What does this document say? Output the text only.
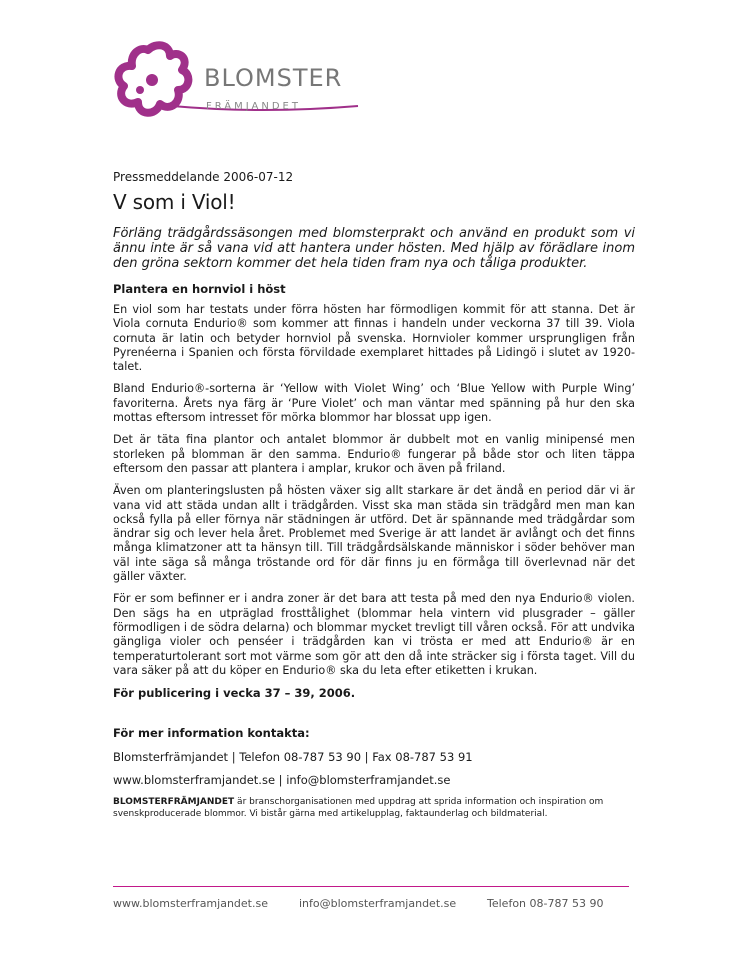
BLOMSTER
FRÄMJANDET
Pressmeddelande 2006-07-12
V som i Viol!

Förläng trädgårdssäsongen med blomsterprakt och använd en produkt som vi ännu inte är så vana vid att hantera under hösten. Med hjälp av förädlare inom den gröna sektorn kommer det hela tiden fram nya och tåliga produkter.

Plantera en hornviol i höst

En viol som har testats under förra hösten har förmodligen kommit för att stanna. Det är Viola cornuta Endurio® som kommer att finnas i handeln under veckorna 37 till 39. Viola cornuta är latin och betyder hornviol på svenska. Hornvioler kommer ursprungligen från Pyrenéerna i Spanien och första förvildade exemplaret hittades på Lidingö i slutet av 1920-talet.

Bland Endurio®-sorterna är ‘Yellow with Violet Wing’ och ‘Blue Yellow with Purple Wing’ favoriterna. Årets nya färg är ‘Pure Violet’ och man väntar med spänning på hur den ska mottas eftersom intresset för mörka blommor har blossat upp igen.

Det är täta fina plantor och antalet blommor är dubbelt mot en vanlig minipensé men storleken på blomman är den samma. Endurio® fungerar på både stor och liten täppa eftersom den passar att plantera i amplar, krukor och även på friland.

Även om planteringslusten på hösten växer sig allt starkare är det ändå en period där vi är vana vid att städa undan allt i trädgården. Visst ska man städa sin trädgård men man kan också fylla på eller förnya när städningen är utförd. Det är spännande med trädgårdar som ändrar sig och lever hela året. Problemet med Sverige är att landet är avlångt och det finns många klimatzoner att ta hänsyn till. Till trädgårdsälskande människor i söder behöver man väl inte säga så många tröstande ord för där finns ju en förmåga till överlevnad när det gäller växter.

För er som befinner er i andra zoner är det bara att testa på med den nya Endurio® violen. Den sägs ha en utpräglad frosttålighet (blommar hela vintern vid plusgrader – gäller förmodligen i de södra delarna) och blommar mycket trevligt till våren också. För att undvika gängliga violer och penséer i trädgården kan vi trösta er med att Endurio® är en temperaturtolerant sort mot värme som gör att den då inte sträcker sig i första taget. Vill du vara säker på att du köper en Endurio® ska du leta efter etiketten i krukan.

För publicering i vecka 37 – 39, 2006.
För mer information kontakta:
Blomsterfrämjandet | Telefon 08-787 53 90 | Fax 08-787 53 91
www.blomsterframjandet.se | info@blomsterframjandet.se

BLOMSTERFRÄMJANDET är branschorganisationen med uppdrag att sprida information och inspiration om svenskproducerade blommor. Vi bistår gärna med artikelupplag, faktaunderlag och bildmaterial.

www.blomsterframjandet.se	info@blomsterframjandet.se	Telefon 08-787 53 90
